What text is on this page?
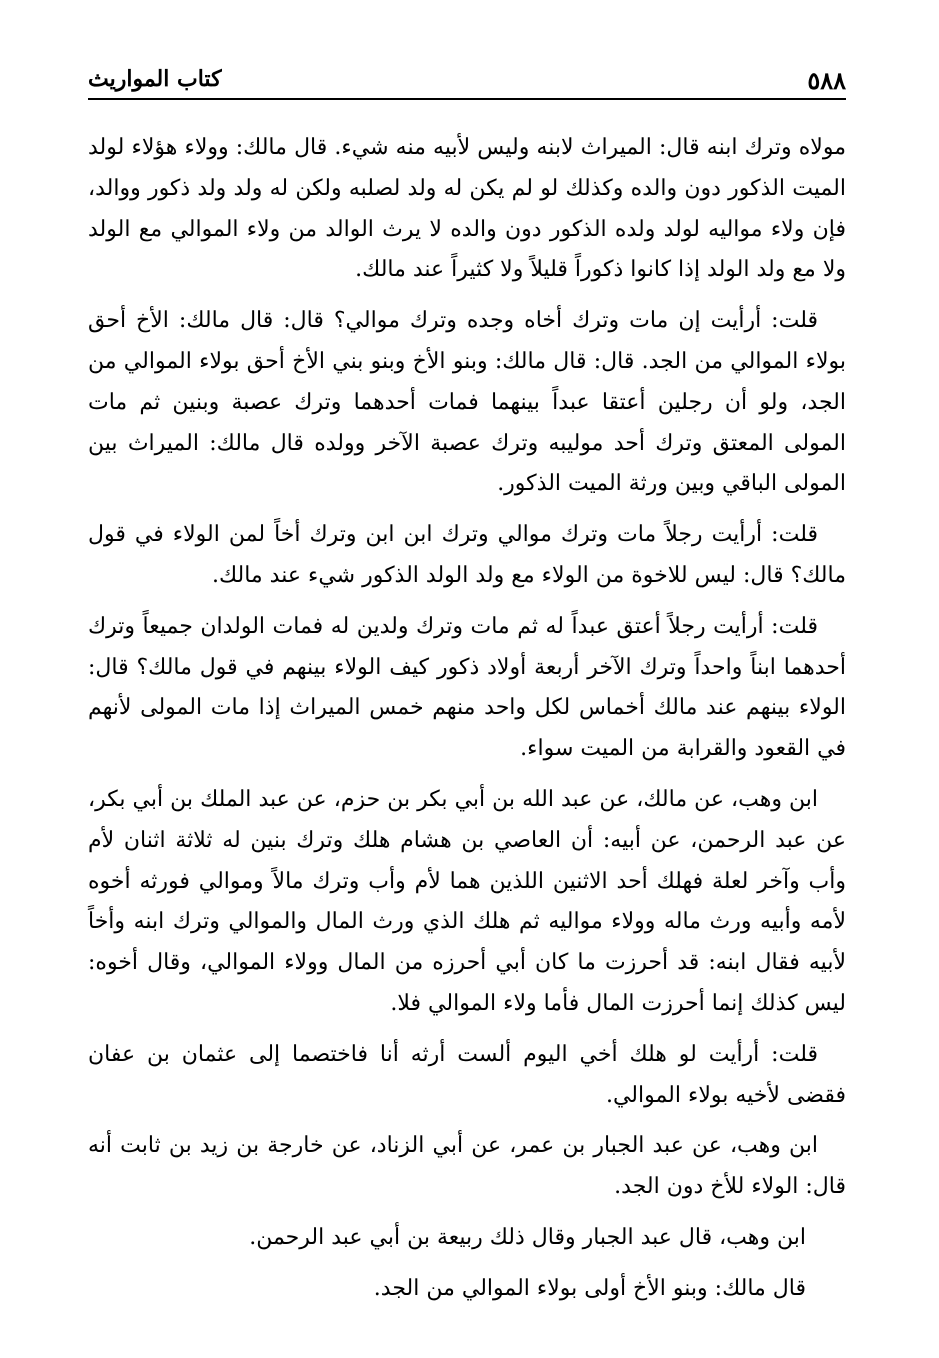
٥٨٨
كتاب المواريث

مولاه وترك ابنه قال: الميراث لابنه وليس لأبيه منه شيء. قال مالك: وولاء هؤلاء لولد الميت الذكور دون والده وكذلك لو لم يكن له ولد لصلبه ولكن له ولد ولد ذكور ووالد، فإن ولاء مواليه لولد ولده الذكور دون والده لا يرث الوالد من ولاء الموالي مع الولد ولا مع ولد الولد إذا كانوا ذكوراً قليلاً ولا كثيراً عند مالك.

قلت: أرأيت إن مات وترك أخاه وجده وترك موالي؟ قال: قال مالك: الأخ أحق بولاء الموالي من الجد. قال: قال مالك: وبنو الأخ وبنو بني الأخ أحق بولاء الموالي من الجد، ولو أن رجلين أعتقا عبداً بينهما فمات أحدهما وترك عصبة وبنين ثم مات المولى المعتق وترك أحد موليبه وترك عصبة الآخر وولده قال مالك: الميراث بين المولى الباقي وبين ورثة الميت الذكور.

قلت: أرأيت رجلاً مات وترك موالي وترك ابن ابن وترك أخاً لمن الولاء في قول مالك؟ قال: ليس للاخوة من الولاء مع ولد الولد الذكور شيء عند مالك.

قلت: أرأيت رجلاً أعتق عبداً له ثم مات وترك ولدين له فمات الولدان جميعاً وترك أحدهما ابناً واحداً وترك الآخر أربعة أولاد ذكور كيف الولاء بينهم في قول مالك؟ قال: الولاء بينهم عند مالك أخماس لكل واحد منهم خمس الميراث إذا مات المولى لأنهم في القعود والقرابة من الميت سواء.

ابن وهب، عن مالك، عن عبد الله بن أبي بكر بن حزم، عن عبد الملك بن أبي بكر، عن عبد الرحمن، عن أبيه: أن العاصي بن هشام هلك وترك بنين له ثلاثة اثنان لأم وأب وآخر لعلة فهلك أحد الاثنين اللذين هما لأم وأب وترك مالاً وموالي فورثه أخوه لأمه وأبيه ورث ماله وولاء مواليه ثم هلك الذي ورث المال والموالي وترك ابنه وأخاً لأبيه فقال ابنه: قد أحرزت ما كان أبي أحرزه من المال وولاء الموالي، وقال أخوه: ليس كذلك إنما أحرزت المال فأما ولاء الموالي فلا.

قلت: أرأيت لو هلك أخي اليوم ألست أرثه أنا فاختصما إلى عثمان بن عفان فقضى لأخيه بولاء الموالي.

ابن وهب، عن عبد الجبار بن عمر، عن أبي الزناد، عن خارجة بن زيد بن ثابت أنه قال: الولاء للأخ دون الجد.

ابن وهب، قال عبد الجبار وقال ذلك ربيعة بن أبي عبد الرحمن.

قال مالك: وبنو الأخ أولى بولاء الموالي من الجد.
